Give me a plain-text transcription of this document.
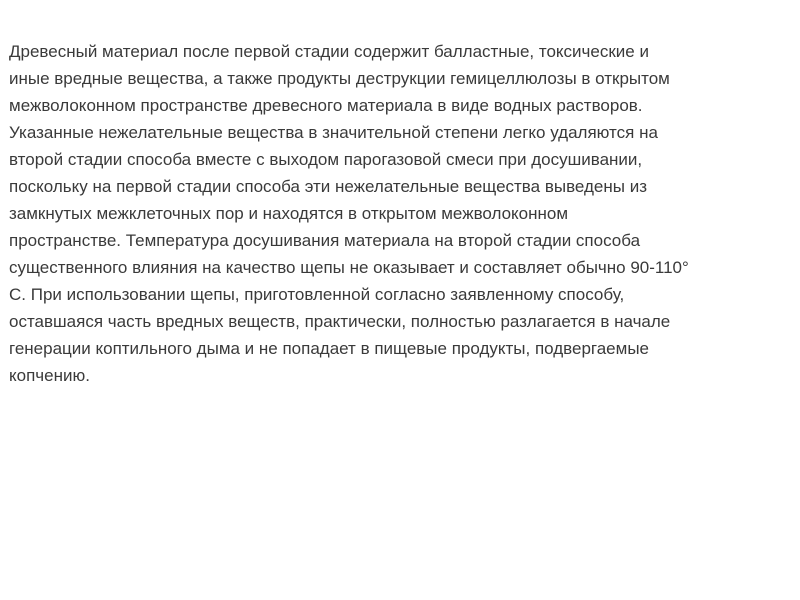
Древесный материал после первой стадии содержит балластные, токсические и
иные вредные вещества, а также продукты деструкции гемицеллюлозы в открытом
межволоконном пространстве древесного материала в виде водных растворов.
Указанные нежелательные вещества в значительной степени легко удаляются на
второй стадии способа вместе с выходом парогазовой смеси при досушивании,
поскольку на первой стадии способа эти нежелательные вещества выведены из
замкнутых межклеточных пор и находятся в открытом межволоконном
пространстве. Температура досушивания материала на второй стадии способа
существенного влияния на качество щепы не оказывает и составляет обычно 90-110°
С. При использовании щепы, приготовленной согласно заявленному способу,
оставшаяся часть вредных веществ, практически, полностью разлагается в начале
генерации коптильного дыма и не попадает в пищевые продукты, подвергаемые
копчению.
